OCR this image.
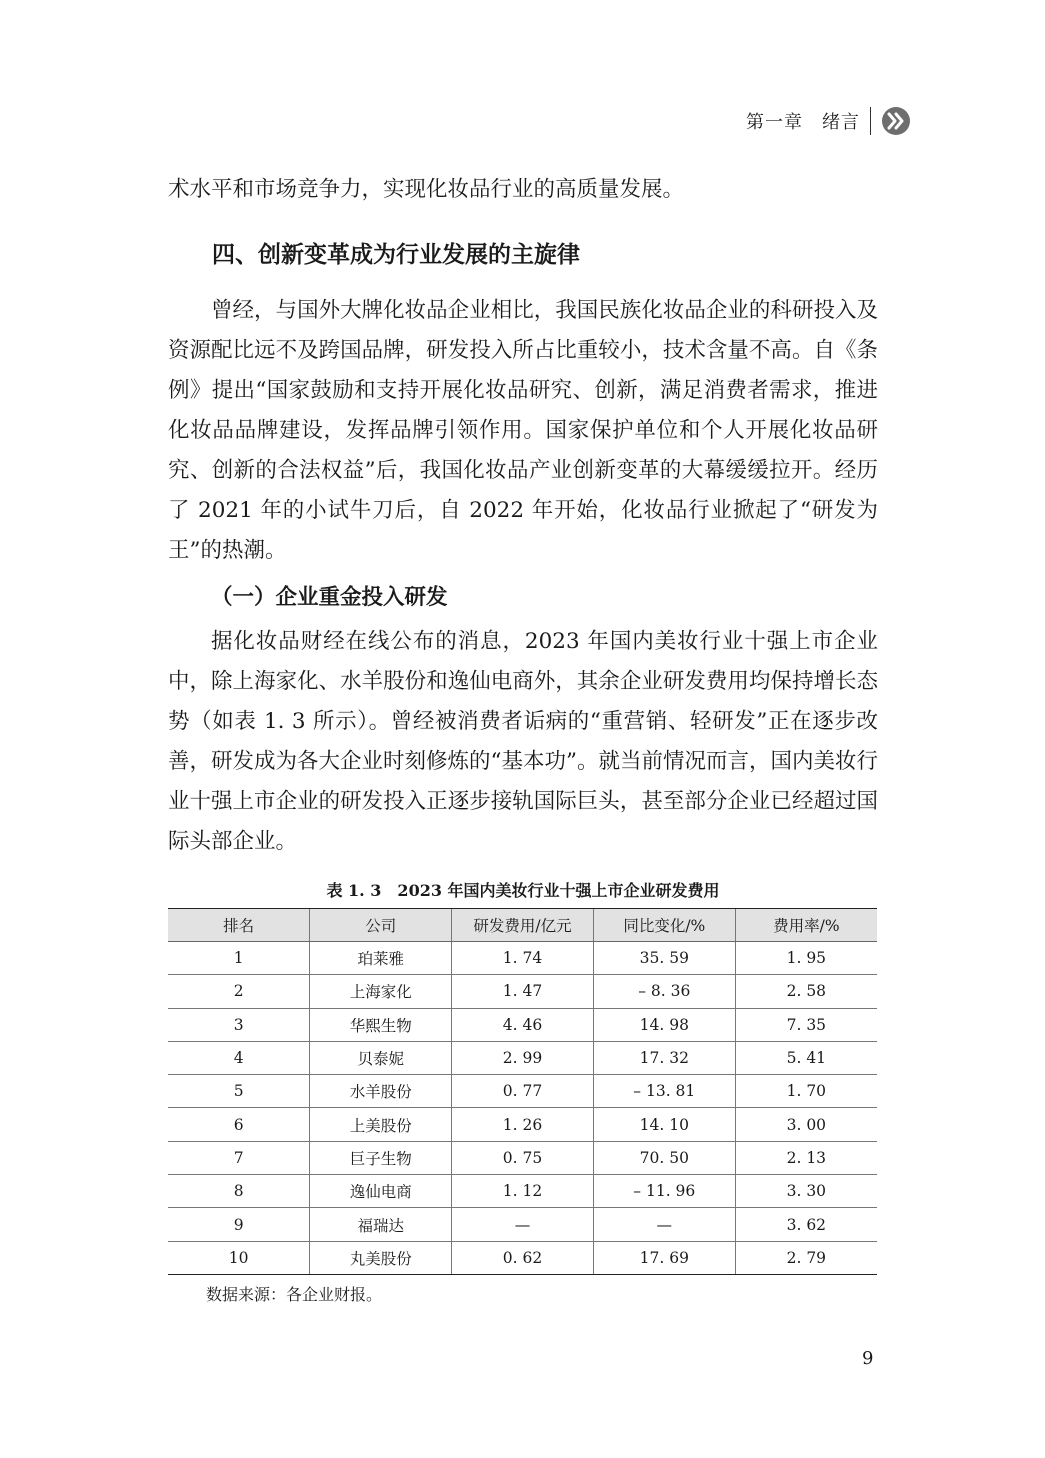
第一章　绪言

术水平和市场竞争力，实现化妆品行业的高质量发展。

四、创新变革成为行业发展的主旋律

曾经，与国外大牌化妆品企业相比，我国民族化妆品企业的科研投入及资源配比远不及跨国品牌，研发投入所占比重较小，技术含量不高。自《条例》提出“国家鼓励和支持开展化妆品研究、创新，满足消费者需求，推进化妆品品牌建设，发挥品牌引领作用。国家保护单位和个人开展化妆品研究、创新的合法权益”后，我国化妆品产业创新变革的大幕缓缓拉开。经历了 2021 年的小试牛刀后，自 2022 年开始，化妆品行业掀起了“研发为王”的热潮。

（一）企业重金投入研发

据化妆品财经在线公布的消息，2023 年国内美妆行业十强上市企业中，除上海家化、水羊股份和逸仙电商外，其余企业研发费用均保持增长态势（如表 1. 3 所示）。曾经被消费者诟病的“重营销、轻研发”正在逐步改善，研发成为各大企业时刻修炼的“基本功”。就当前情况而言，国内美妆行业十强上市企业的研发投入正逐步接轨国际巨头，甚至部分企业已经超过国际头部企业。

表 1. 3　2023 年国内美妆行业十强上市企业研发费用

排名	公司	研发费用/亿元	同比变化/%	费用率/%
1	珀莱雅	1. 74	35. 59	1. 95
2	上海家化	1. 47	– 8. 36	2. 58
3	华熙生物	4. 46	14. 98	7. 35
4	贝泰妮	2. 99	17. 32	5. 41
5	水羊股份	0. 77	– 13. 81	1. 70
6	上美股份	1. 26	14. 10	3. 00
7	巨子生物	0. 75	70. 50	2. 13
8	逸仙电商	1. 12	– 11. 96	3. 30
9	福瑞达	—	—	3. 62
10	丸美股份	0. 62	17. 69	2. 79

数据来源：各企业财报。

9
